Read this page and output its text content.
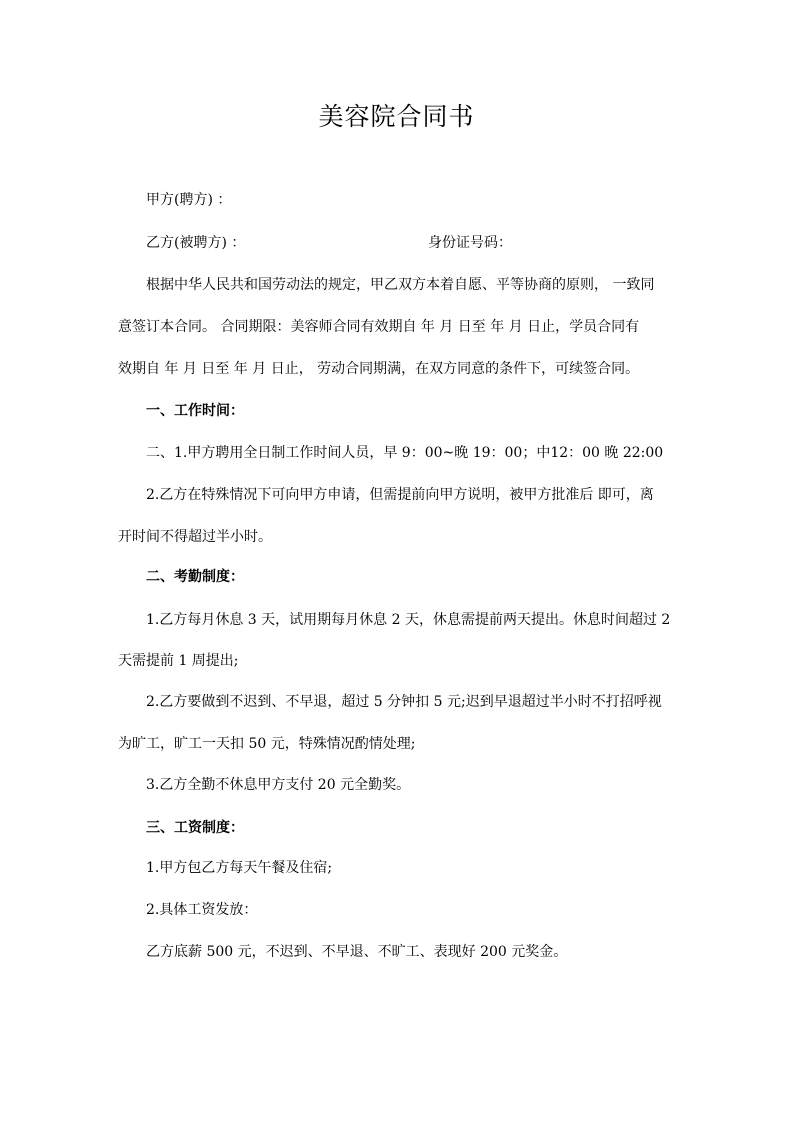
美容院合同书
甲方(聘方) ：
乙方(被聘方) ：	身份证号码：
根据中华人民共和国劳动法的规定，甲乙双方本着自愿、平等协商的原则， 一致同
意签订本合同。 合同期限：美容师合同有效期自 年 月 日至 年 月 日止，学员合同有
效期自 年 月 日至 年 月 日止， 劳动合同期满，在双方同意的条件下，可续签合同。
一、工作时间：
二、1.甲方聘用全日制工作时间人员，早 9：00~晚 19：00；中12：00 晚 22:00
2.乙方在特殊情况下可向甲方申请，但需提前向甲方说明，被甲方批准后 即可，离
开时间不得超过半小时。
二、考勤制度：
1.乙方每月休息 3 天，试用期每月休息 2 天，休息需提前两天提出。休息时间超过 2
天需提前 1 周提出;
2.乙方要做到不迟到、不早退，超过 5 分钟扣 5 元;迟到早退超过半小时不打招呼视
为旷工，旷工一天扣 50 元，特殊情况酌情处理;
3.乙方全勤不休息甲方支付 20 元全勤奖。
三、工资制度：
1.甲方包乙方每天午餐及住宿;
2.具体工资发放：
乙方底薪 500 元，不迟到、不早退、不旷工、表现好 200 元奖金。
